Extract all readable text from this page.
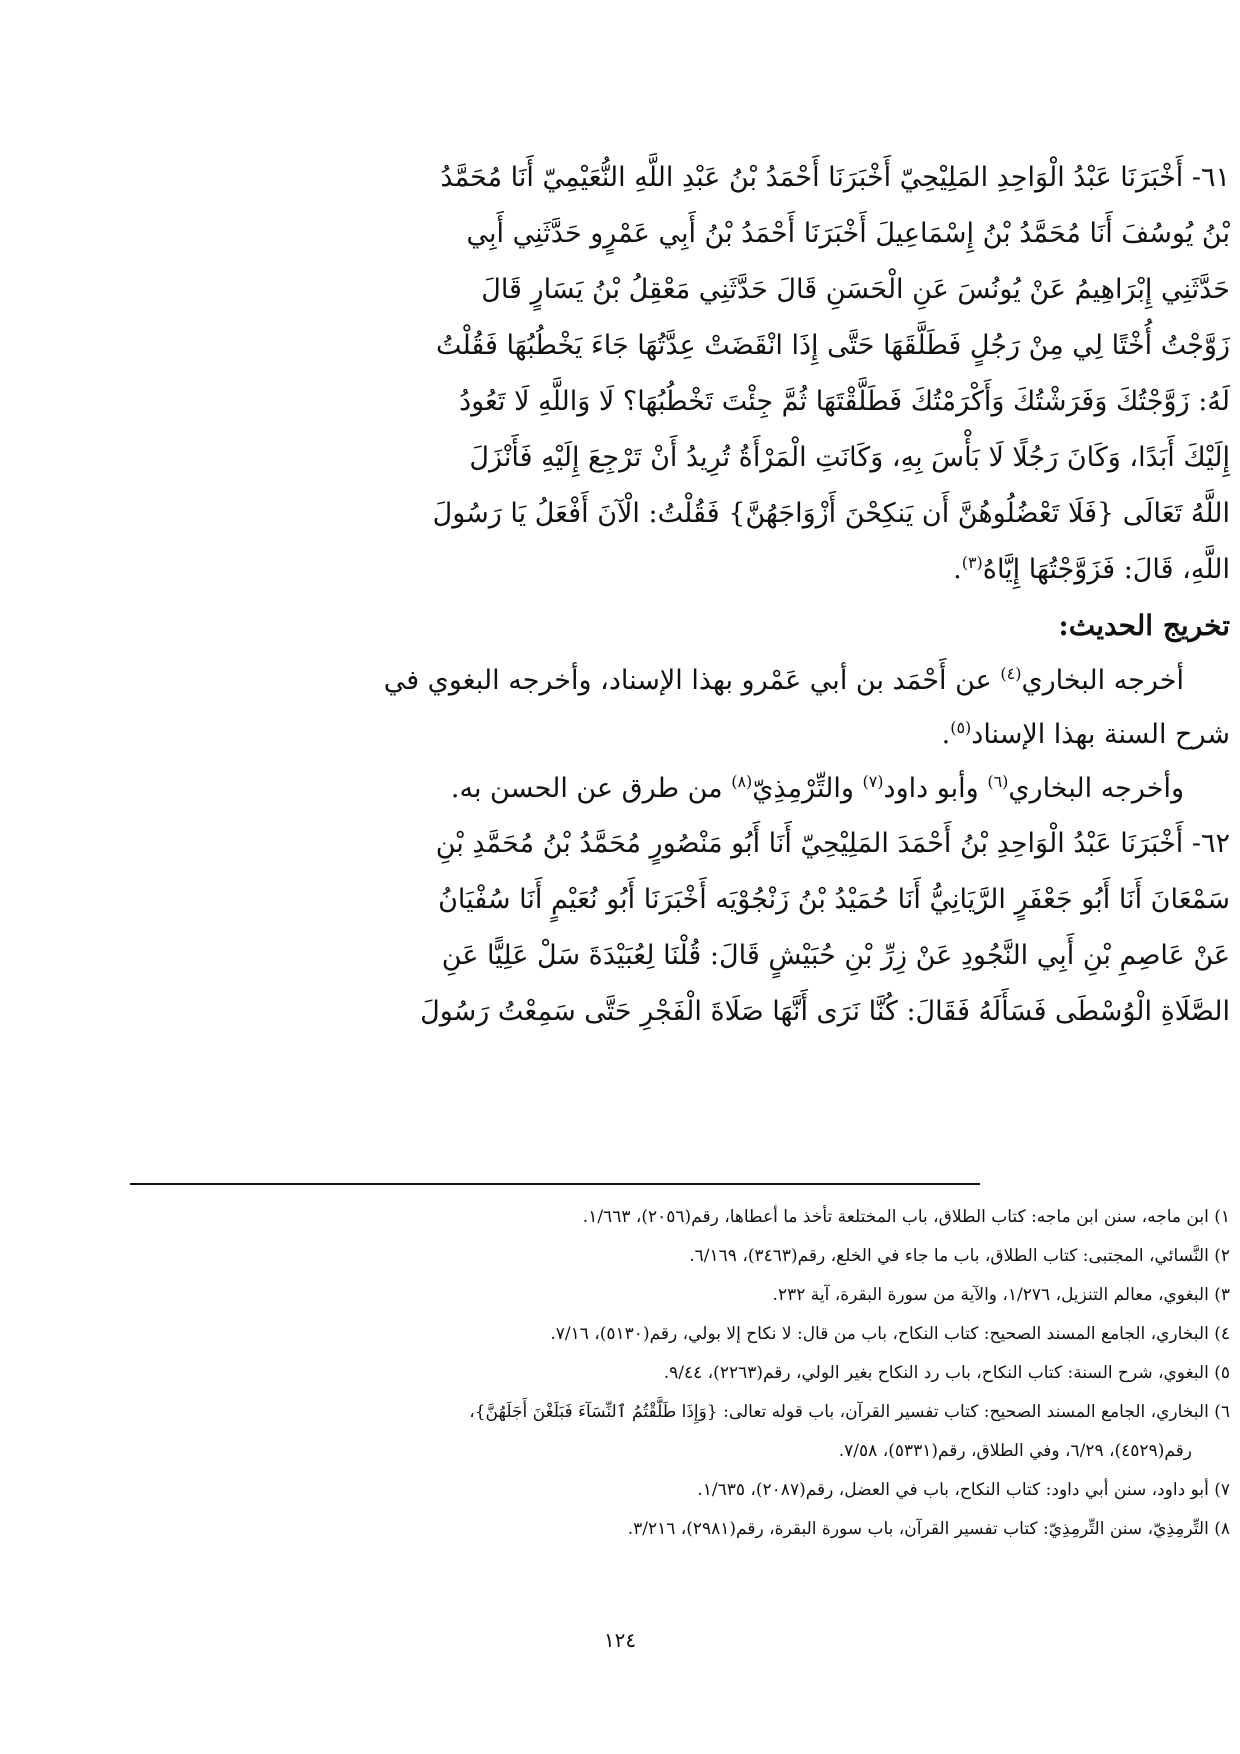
٦١- أَخْبَرَنَا عَبْدُ الْوَاحِدِ المَلِيْحِيّ أَخْبَرَنَا أَحْمَدُ بْنُ عَبْدِ اللَّهِ النُّعَيْمِيّ أَنَا مُحَمَّدُ

بْنُ يُوسُفَ أَنَا مُحَمَّدُ بْنُ إِسْمَاعِيلَ أَخْبَرَنَا أَحْمَدُ بْنُ أَبِي عَمْرٍو حَدَّثَنِي أَبِي

حَدَّثَنِي إِبْرَاهِيمُ عَنْ يُونُسَ عَنِ الْحَسَنِ قَالَ حَدَّثَنِي مَعْقِلُ بْنُ يَسَارٍ قَالَ

زَوَّجْتُ أُخْتًا لِي مِنْ رَجُلٍ فَطَلَّقَهَا حَتَّى إِذَا انْقَضَتْ عِدَّتُهَا جَاءَ يَخْطُبُهَا فَقُلْتُ

لَهُ: زَوَّجْتُكَ وَفَرَشْتُكَ وَأَكْرَمْتُكَ فَطَلَّقْتَهَا ثُمَّ جِئْتَ تَخْطُبُهَا؟ لَا وَاللَّهِ لَا تَعُودُ

إِلَيْكَ أَبَدًا، وَكَانَ رَجُلًا لَا بَأْسَ بِهِ، وَكَانَتِ الْمَرْأَةُ تُرِيدُ أَنْ تَرْجِعَ إِلَيْهِ فَأَنْزَلَ

اللَّهُ تَعَالَى {فَلَا تَعْضُلُوهُنَّ أَن يَنكِحْنَ أَزْوَاجَهُنَّ} فَقُلْتُ: الْآنَ أَفْعَلُ يَا رَسُولَ

اللَّهِ، قَالَ: فَزَوَّجْتُهَا إِيَّاهُ$^{(٣)}$.

تخريج الحديث:

أخرجه البخاري$^{(٤)}$ عن أَحْمَد بن أبي عَمْرو بهذا الإسناد، وأخرجه البغوي في

شرح السنة بهذا الإسناد$^{(٥)}$.

وأخرجه البخاري$^{(٦)}$ وأبو داود$^{(٧)}$ والتِّرْمِذِيّ$^{(٨)}$ من طرق عن الحسن به.

٦٢- أَخْبَرَنَا عَبْدُ الْوَاحِدِ بْنُ أَحْمَدَ المَلِيْحِيّ أَنَا أَبُو مَنْصُورٍ مُحَمَّدُ بْنُ مُحَمَّدِ بْنِ

سَمْعَانَ أَنَا أَبُو جَعْفَرٍ الرَّيَانِيُّ أَنَا حُمَيْدُ بْنُ زَنْجُوْيَه أَخْبَرَنَا أَبُو نُعَيْمٍ أَنَا سُفْيَانُ

عَنْ عَاصِمِ بْنِ أَبِي النَّجُودِ عَنْ زِرِّ بْنِ حُبَيْشٍ قَالَ: قُلْنَا لِعُبَيْدَةَ سَلْ عَلِيًّا عَنِ

الصَّلَاةِ الْوُسْطَى فَسَأَلَهُ فَقَالَ: كُنَّا نَرَى أَنَّهَا صَلَاةَ الْفَجْرِ حَتَّى سَمِعْتُ رَسُولَ

١) ابن ماجه، سنن ابن ماجه: كتاب الطلاق، باب المختلعة تأخذ ما أعطاها، رقم(٢٠٥٦)، ١/٦٦٣.

٢) النَّسائي، المجتبى: كتاب الطلاق، باب ما جاء في الخلع، رقم(٣٤٦٣)، ٦/١٦٩.

٣) البغوي، معالم التنزيل، ١/٢٧٦، والآية من سورة البقرة، آية ٢٣٢.

٤) البخاري، الجامع المسند الصحيح: كتاب النكاح، باب من قال: لا نكاح إلا بولي، رقم(٥١٣٠)، ٧/١٦.

٥) البغوي، شرح السنة: كتاب النكاح، باب رد النكاح بغير الولي، رقم(٢٢٦٣)، ٩/٤٤.

٦) البخاري، الجامع المسند الصحيح: كتاب تفسير القرآن، باب قوله تعالى: {وَإِذَا طَلَّقْتُمُ ٱلنِّسَآءَ فَبَلَغْنَ أَجَلَهُنَّ}،

رقم(٤٥٢٩)، ٦/٢٩، وفي الطلاق، رقم(٥٣٣١)، ٧/٥٨.

٧) أبو داود، سنن أبي داود: كتاب النكاح، باب في العضل، رقم(٢٠٨٧)، ١/٦٣٥.

٨) التِّرمِذِيّ، سنن التِّرمِذِيّ: كتاب تفسير القرآن، باب سورة البقرة، رقم(٢٩٨١)، ٣/٢١٦.

١٢٤
